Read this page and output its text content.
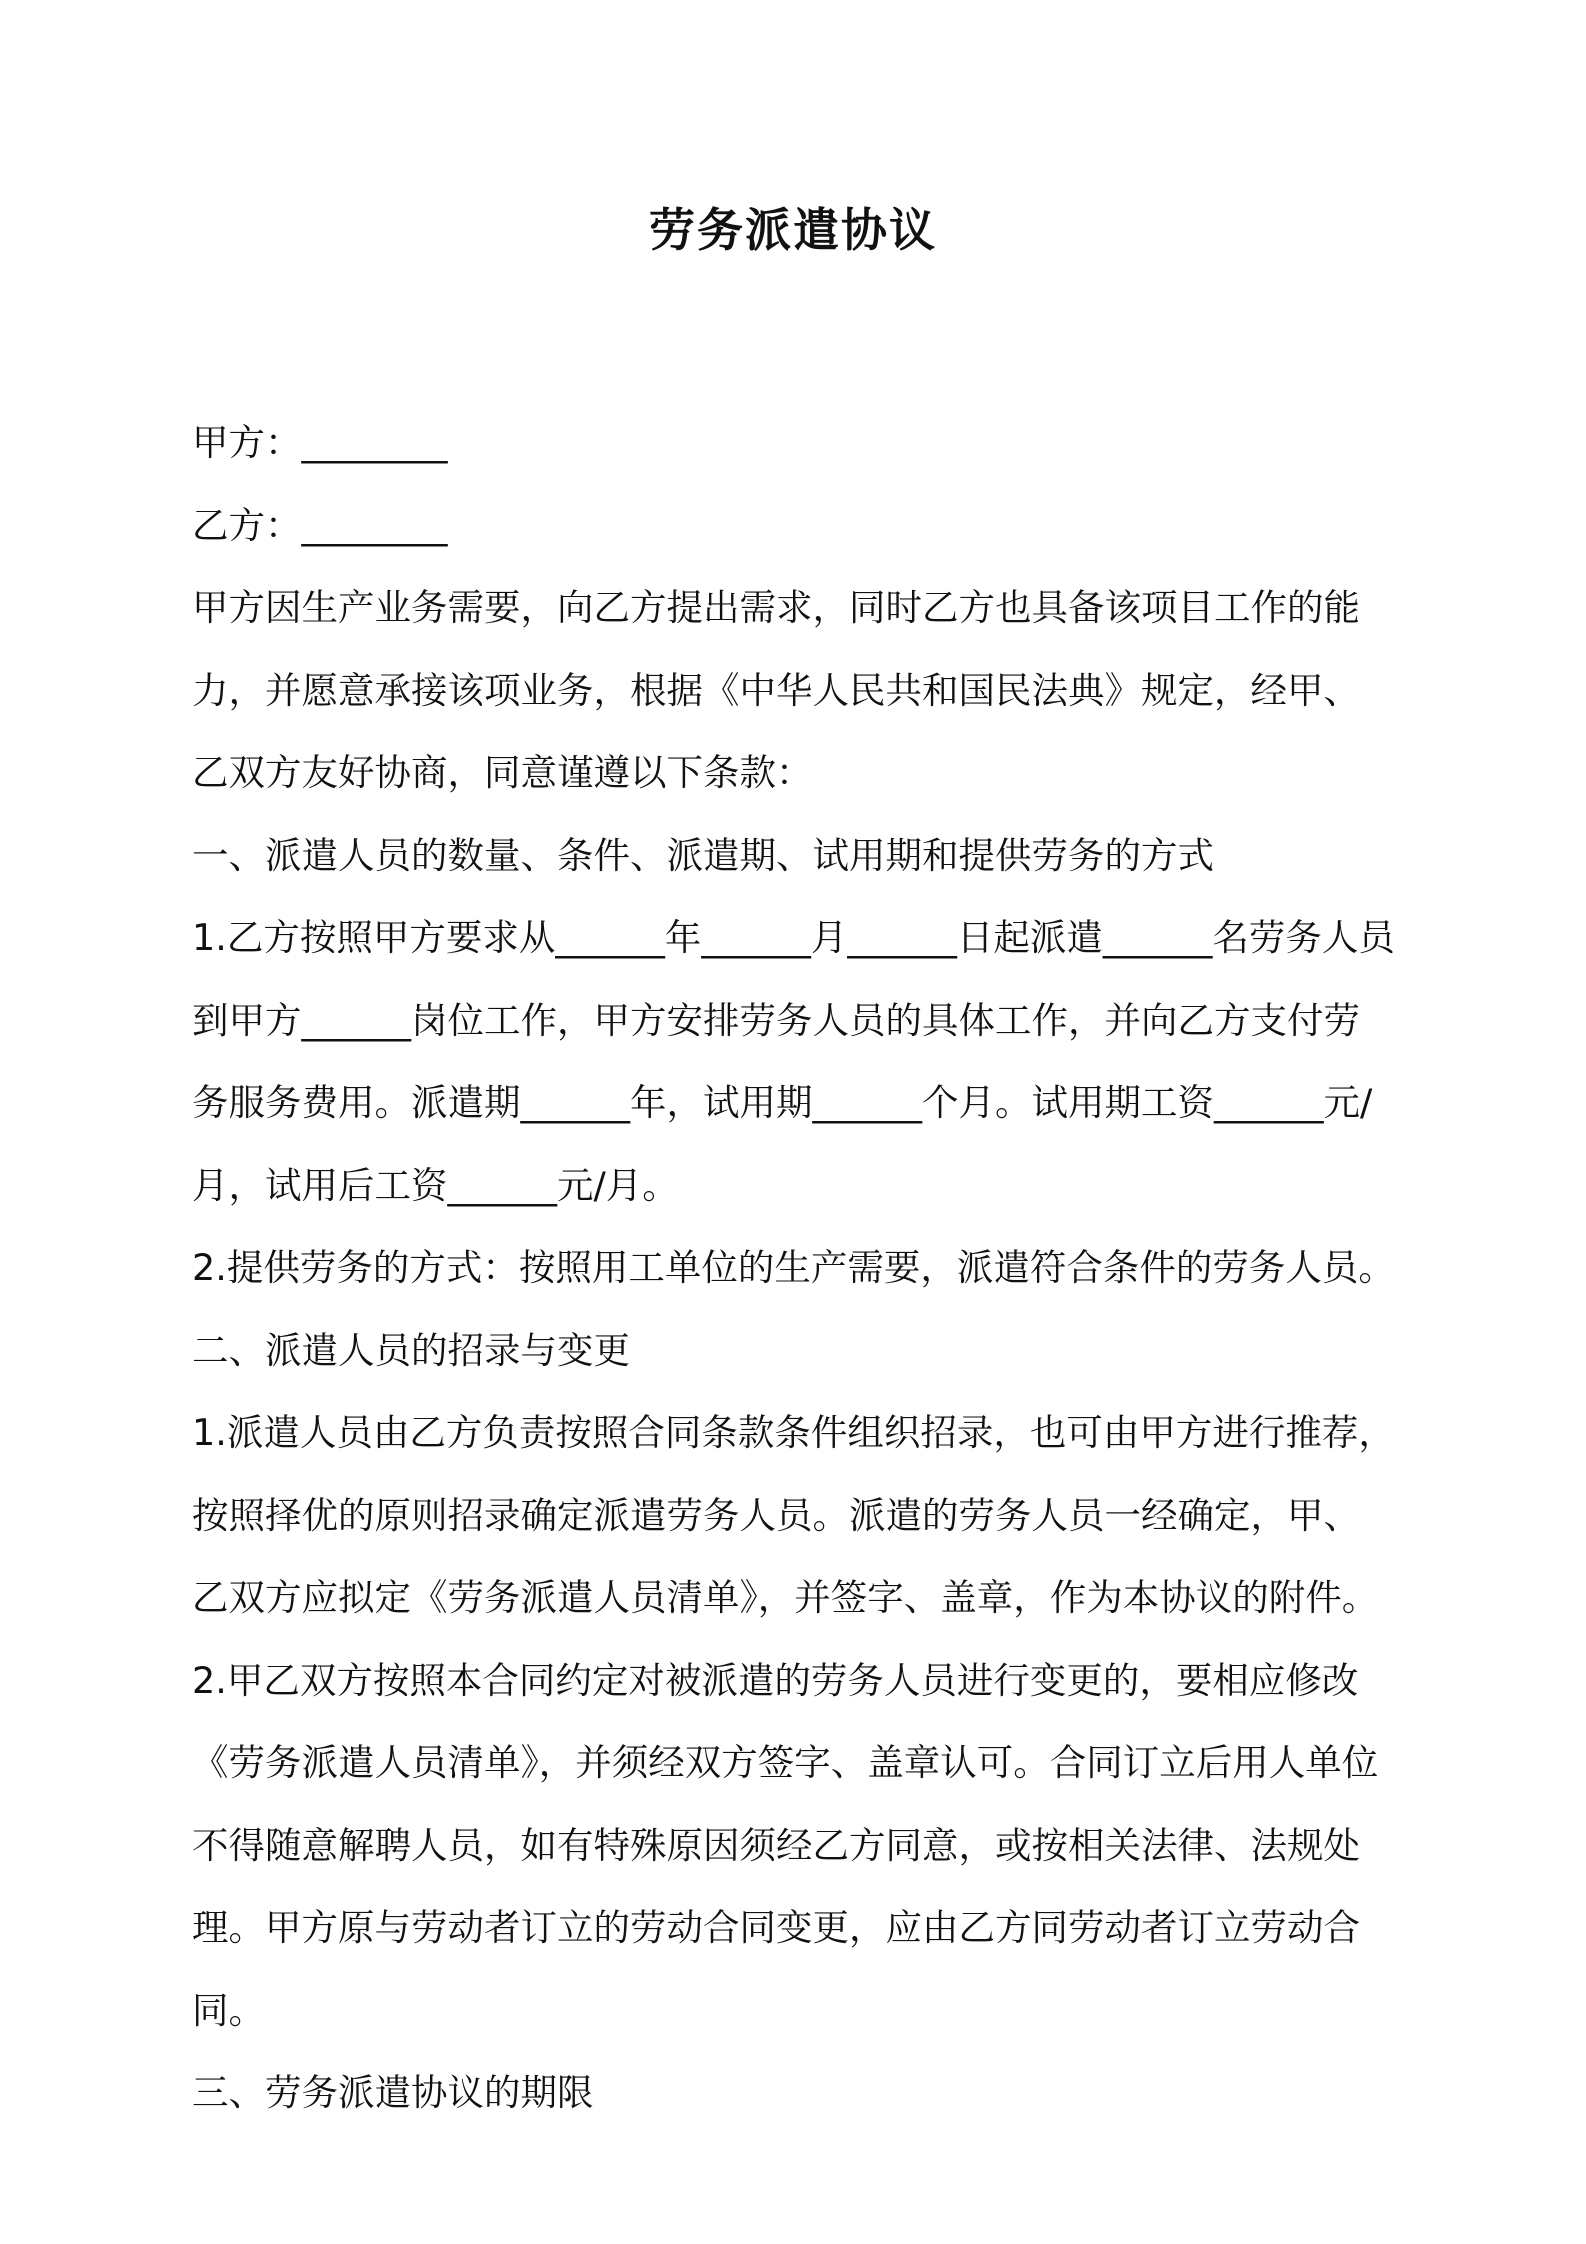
劳务派遣协议
甲方：________
乙方：________
甲方因生产业务需要，向乙方提出需求，同时乙方也具备该项目工作的能
力，并愿意承接该项业务，根据《中华人民共和国民法典》规定，经甲、
乙双方友好协商，同意谨遵以下条款：
一、派遣人员的数量、条件、派遣期、试用期和提供劳务的方式
1.乙方按照甲方要求从______年______月______日起派遣______名劳务人员
到甲方______岗位工作，甲方安排劳务人员的具体工作，并向乙方支付劳
务服务费用。派遣期______年，试用期______个月。试用期工资______元/
月，试用后工资______元/月。
2.提供劳务的方式：按照用工单位的生产需要，派遣符合条件的劳务人员。
二、派遣人员的招录与变更
1.派遣人员由乙方负责按照合同条款条件组织招录，也可由甲方进行推荐，
按照择优的原则招录确定派遣劳务人员。派遣的劳务人员一经确定，甲、
乙双方应拟定《劳务派遣人员清单》，并签字、盖章，作为本协议的附件。
2.甲乙双方按照本合同约定对被派遣的劳务人员进行变更的，要相应修改
《劳务派遣人员清单》，并须经双方签字、盖章认可。合同订立后用人单位
不得随意解聘人员，如有特殊原因须经乙方同意，或按相关法律、法规处
理。甲方原与劳动者订立的劳动合同变更，应由乙方同劳动者订立劳动合
同。
三、劳务派遣协议的期限
